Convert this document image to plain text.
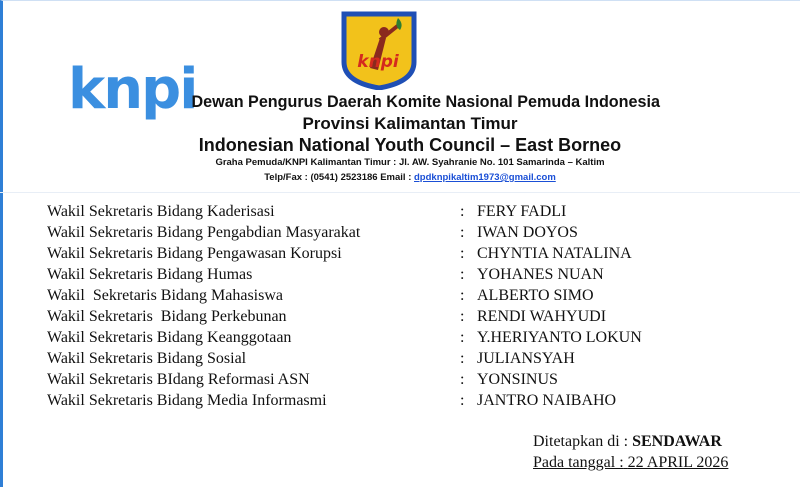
knpi
knpi
Dewan Pengurus Daerah Komite Nasional Pemuda Indonesia
Provinsi Kalimantan Timur
Indonesian National Youth Council – East Borneo
Graha Pemuda/KNPI Kalimantan Timur : Jl. AW. Syahranie No. 101 Samarinda – Kaltim
Telp/Fax : (0541) 2523186 Email : dpdknpikaltim1973@gmail.com
Wakil Sekretaris Bidang Kaderisasi	: FERY FADLI
Wakil Sekretaris Bidang Pengabdian Masyarakat	: IWAN DOYOS
Wakil Sekretaris Bidang Pengawasan Korupsi	: CHYNTIA NATALINA
Wakil Sekretaris Bidang Humas	: YOHANES NUAN
Wakil  Sekretaris Bidang Mahasiswa	: ALBERTO SIMO
Wakil Sekretaris  Bidang Perkebunan	: RENDI WAHYUDI
Wakil Sekretaris Bidang Keanggotaan	: Y.HERIYANTO LOKUN
Wakil Sekretaris Bidang Sosial	: JULIANSYAH
Wakil Sekretaris BIdang Reformasi ASN	: YONSINUS
Wakil Sekretaris Bidang Media Informasmi	: JANTRO NAIBAHO
Ditetapkan di : SENDAWAR
Pada tanggal : 22 APRIL 2026
